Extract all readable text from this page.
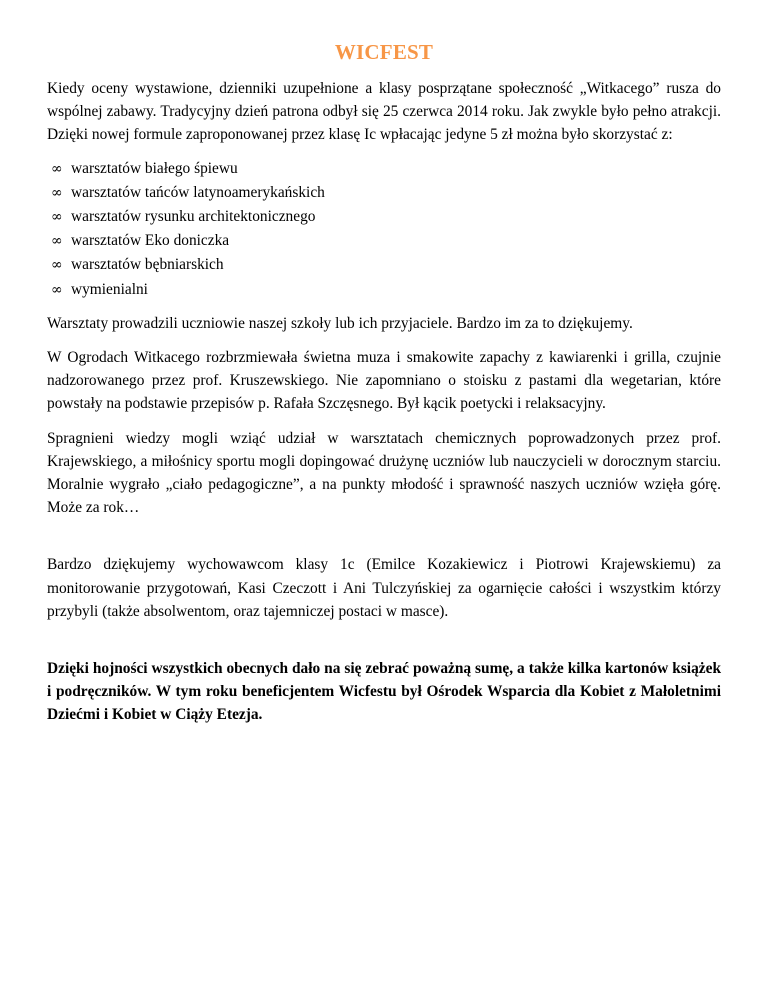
WICFEST

Kiedy oceny wystawione, dzienniki uzupełnione a klasy posprzątane społeczność „Witkacego” rusza do wspólnej zabawy. Tradycyjny dzień patrona odbył się 25 czerwca 2014 roku. Jak zwykle było pełno atrakcji. Dzięki nowej formule zaproponowanej przez klasę Ic wpłacając jedyne 5 zł można było skorzystać z:

∞ warsztatów białego śpiewu
∞ warsztatów tańców latynoamerykańskich
∞ warsztatów rysunku architektonicznego
∞ warsztatów Eko doniczka
∞ warsztatów bębniarskich
∞ wymienialni

Warsztaty prowadzili uczniowie naszej szkoły lub ich przyjaciele. Bardzo im za to dziękujemy.

W Ogrodach Witkacego rozbrzmiewała świetna muza i smakowite zapachy z kawiarenki i grilla, czujnie nadzorowanego przez prof. Kruszewskiego. Nie zapomniano o stoisku z pastami dla wegetarian, które powstały na podstawie przepisów p. Rafała Szczęsnego. Był kącik poetycki i relaksacyjny.

Spragnieni wiedzy mogli wziąć udział w warsztatach chemicznych poprowadzonych przez prof. Krajewskiego, a miłośnicy sportu mogli dopingować drużynę uczniów lub nauczycieli w dorocznym starciu. Moralnie wygrało „ciało pedagogiczne”, a na punkty młodość i sprawność naszych uczniów wzięła górę. Może za rok…

Bardzo dziękujemy wychowawcom klasy 1c (Emilce Kozakiewicz i Piotrowi Krajewskiemu) za monitorowanie przygotowań, Kasi Czeczott i Ani Tulczyńskiej za ogarnięcie całości i wszystkim którzy przybyli (także absolwentom, oraz tajemniczej postaci w masce).

Dzięki hojności wszystkich obecnych dało na się zebrać poważną sumę, a także kilka kartonów książek i podręczników. W tym roku beneficjentem Wicfestu był Ośrodek Wsparcia dla Kobiet z Małoletnimi Dziećmi i Kobiet w Ciąży Etezja.
